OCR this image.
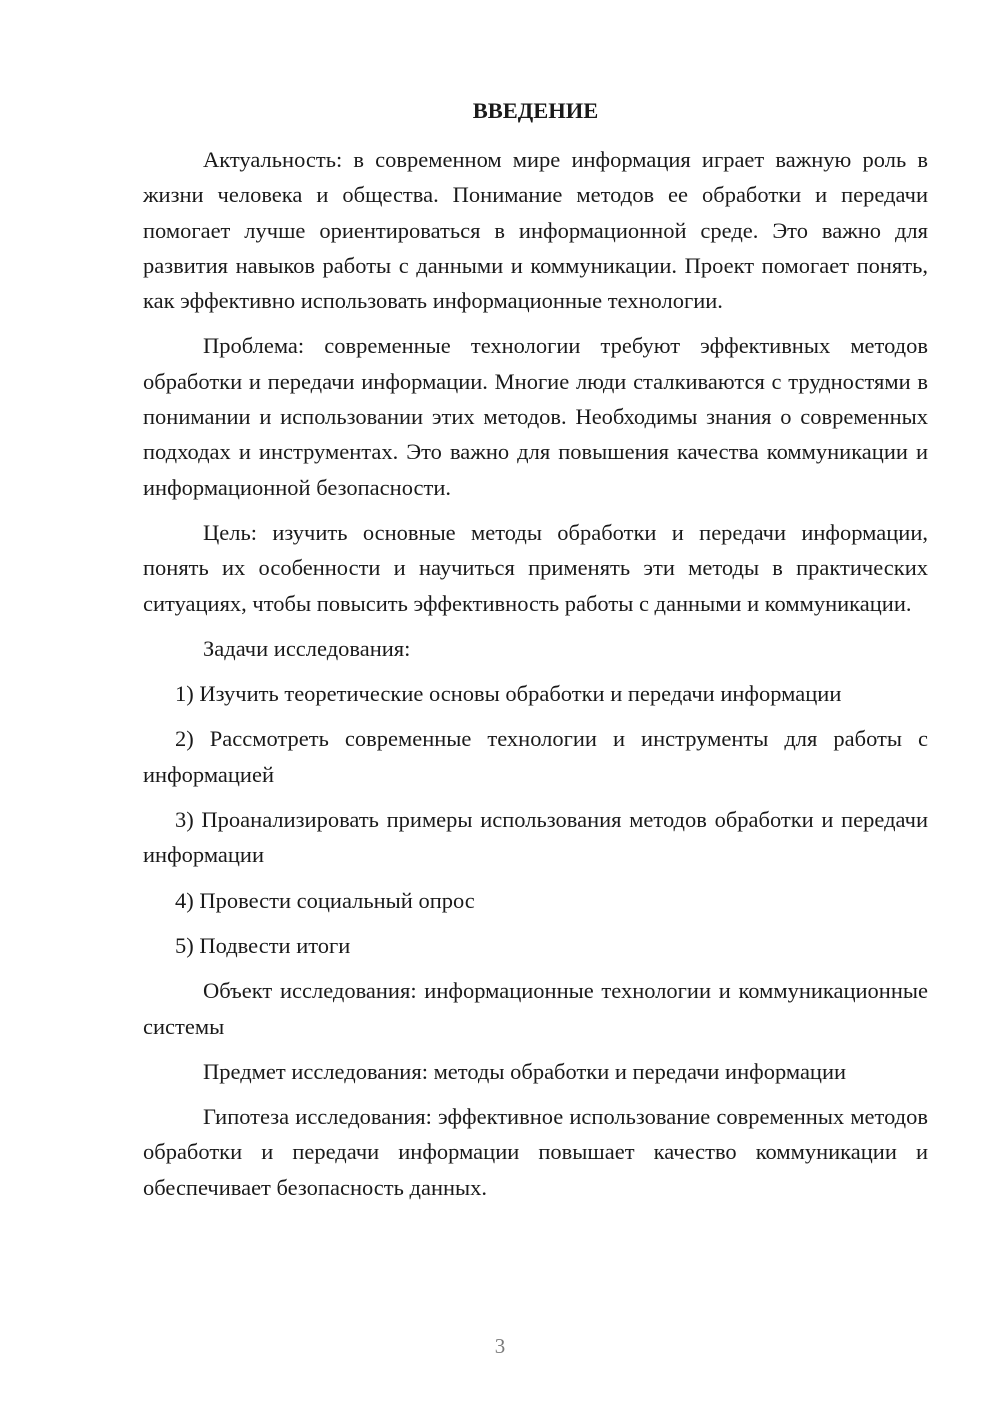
ВВЕДЕНИЕ

Актуальность: в современном мире информация играет важную роль в жизни человека и общества. Понимание методов ее обработки и передачи помогает лучше ориентироваться в информационной среде. Это важно для развития навыков работы с данными и коммуникации. Проект помогает понять, как эффективно использовать информационные технологии.

Проблема: современные технологии требуют эффективных методов обработки и передачи информации. Многие люди сталкиваются с трудностями в понимании и использовании этих методов. Необходимы знания о современных подходах и инструментах. Это важно для повышения качества коммуникации и информационной безопасности.

Цель: изучить основные методы обработки и передачи информации, понять их особенности и научиться применять эти методы в практических ситуациях, чтобы повысить эффективность работы с данными и коммуникации.

Задачи исследования:

1) Изучить теоретические основы обработки и передачи информации

2) Рассмотреть современные технологии и инструменты для работы с информацией

3) Проанализировать примеры использования методов обработки и передачи информации

4) Провести социальный опрос

5) Подвести итоги

Объект исследования: информационные технологии и коммуникационные системы

Предмет исследования: методы обработки и передачи информации

Гипотеза исследования: эффективное использование современных методов обработки и передачи информации повышает качество коммуникации и обеспечивает безопасность данных.

3
